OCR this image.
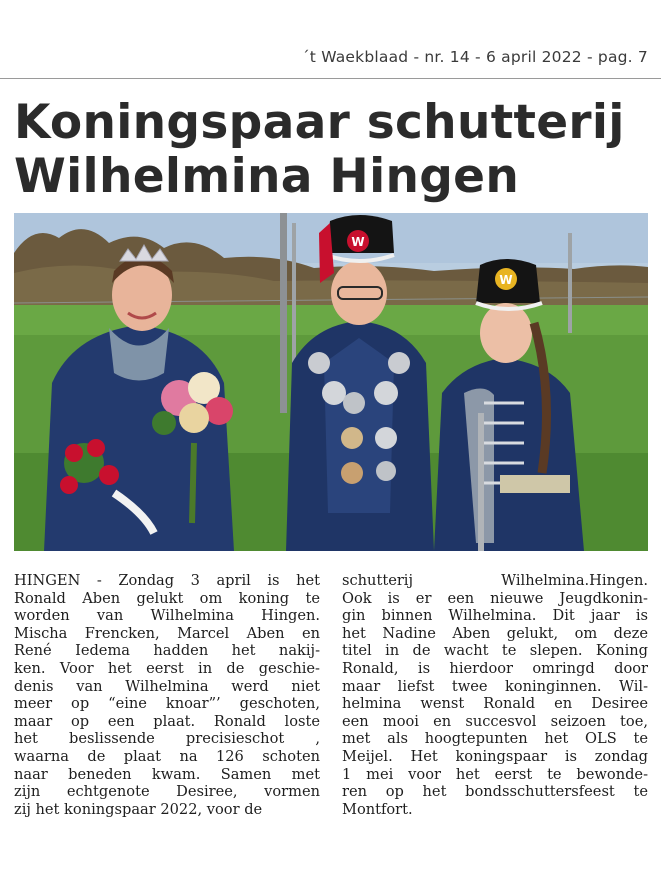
´t Waekblaad - nr. 14 - 6 april 2022 - pag. 7
Koningspaar schutterij
Wilhelmina Hingen
W
W
HINGEN - Zondag 3 april is het
Ronald Aben gelukt om koning te
worden van Wilhelmina Hingen.
Mischa Frencken, Marcel Aben en
René Iedema hadden het nakij-
ken. Voor het eerst in de geschie-
denis van Wilhelmina werd niet
meer op “eine knoar”’ geschoten,
maar op een plaat. Ronald loste
het beslissende precisieschot ,
waarna de plaat na 126 schoten
naar beneden kwam. Samen met
zijn echtgenote Desiree, vormen
zij het koningspaar 2022, voor de
schutterij Wilhelmina.Hingen.
Ook is er een nieuwe Jeugdkonin-
gin binnen Wilhelmina. Dit jaar is
het Nadine Aben gelukt, om deze
titel in de wacht te slepen. Koning
Ronald, is hierdoor omringd door
maar liefst twee koninginnen. Wil-
helmina wenst Ronald en Desiree
een mooi en succesvol seizoen toe,
met als hoogtepunten het OLS te
Meijel. Het koningspaar is zondag
1 mei voor het eerst te bewonde-
ren op het bondsschuttersfeest te
Montfort.
